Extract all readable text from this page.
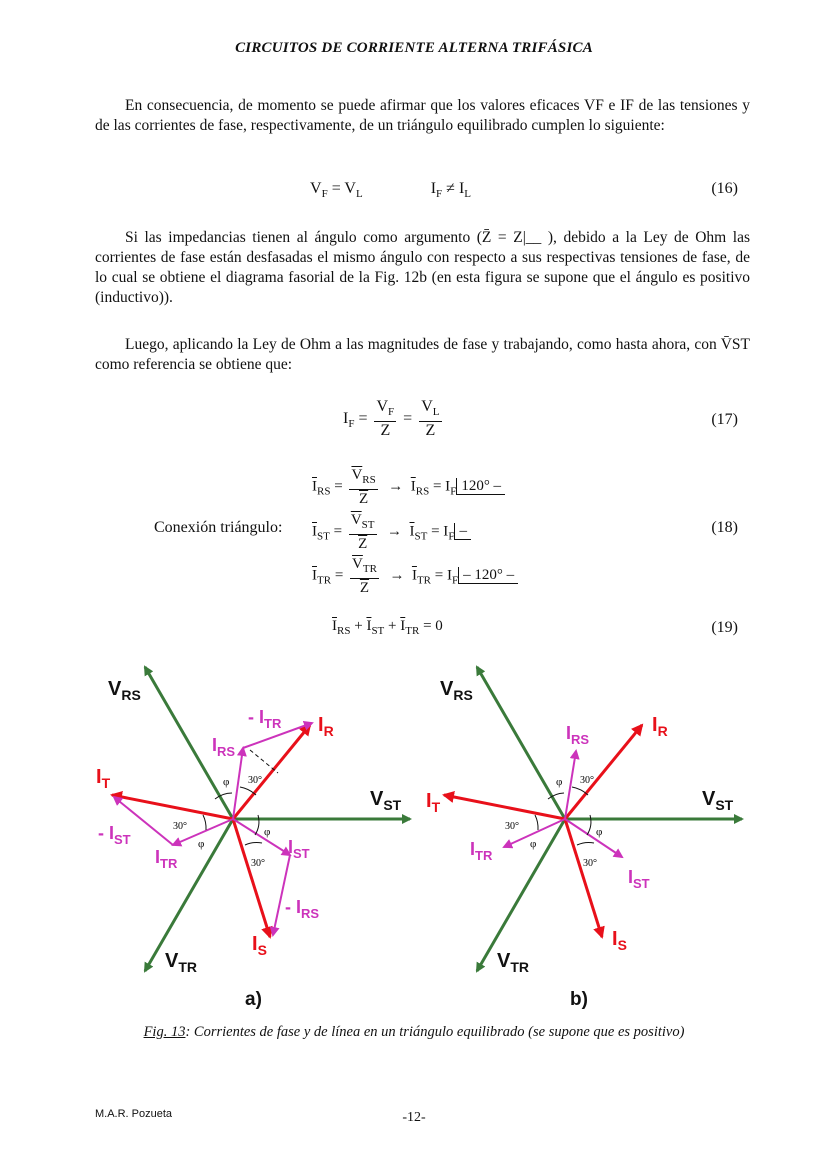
CIRCUITOS DE CORRIENTE ALTERNA TRIFÁSICA
En consecuencia, de momento se puede afirmar que los valores eficaces VF e IF de las tensiones y de las corrientes de fase, respectivamente, de un triángulo equilibrado cumplen lo siguiente:
$V_F = V_L$	$I_F \ne I_L$	(16)
Si las impedancias tienen al ángulo como argumento (Z̄ = Z|__ ), debido a la Ley de Ohm las corrientes de fase están desfasadas el mismo ángulo con respecto a sus respectivas tensiones de fase, de lo cual se obtiene el diagrama fasorial de la Fig. 12b (en esta figura se supone que el ángulo es positivo (inductivo)).
Luego, aplicando la Ley de Ohm a las magnitudes de fase y trabajando, como hasta ahora, con V̄ST como referencia se obtiene que:
$I_F = \frac{V_F}{Z} = \frac{V_L}{Z}$	(17)
Conexión triángulo:
$\overline{I}_{RS} = \frac{\overline{V}_{RS}}{Z} \to \overline{I}_{RS} = I_F$ 120° –
$\overline{I}_{ST} = \frac{\overline{V}_{ST}}{Z} \to \overline{I}_{ST} = I_F$ –
$\overline{I}_{TR} = \frac{\overline{V}_{TR}}{Z} \to \overline{I}_{TR} = I_F - 120^\circ$ –
(18)
$\overline{I}_{RS} + \overline{I}_{ST} + \overline{I}_{TR} = 0$	(19)
$V_{RS}$
$V_{ST}$
$V_{TR}$
$I_R$
$I_T$
$I_S$
$I_{RS}$
- $I_{TR}$
- $I_{ST}$
$I_{TR}$
$I_{ST}$
- $I_{RS}$
φ 30°
30°
φ
φ
30°
a)
$V_{RS}$
$V_{ST}$
$V_{TR}$
$I_R$
$I_T$
$I_S$
$I_{RS}$
$I_{TR}$
$I_{ST}$
φ 30°
30°
φ
φ
30°
b)
Fig. 13: Corrientes de fase y de línea en un triángulo equilibrado (se supone que es positivo)
M.A.R. Pozueta	-12-
